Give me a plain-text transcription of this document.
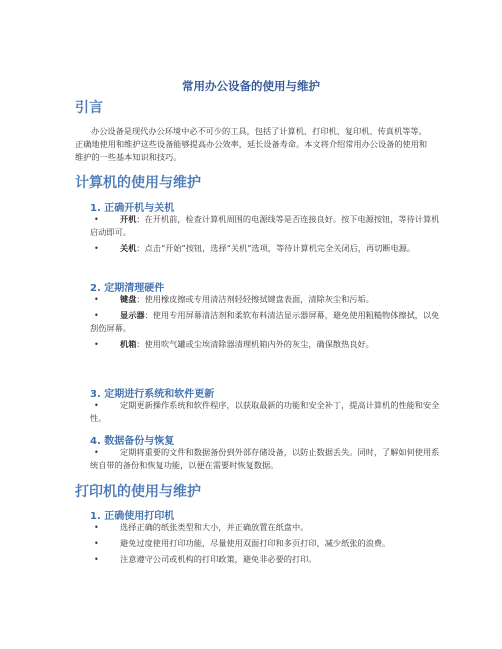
常用办公设备的使用与维护
引言

办公设备是现代办公环境中必不可少的工具，包括了计算机、打印机、复印机、传真机等等。正确地使用和维护这些设备能够提高办公效率，延长设备寿命。本文将介绍常用办公设备的使用和维护的一些基本知识和技巧。

计算机的使用与维护
1. 正确开机与关机
•	开机：在开机前，检查计算机周围的电源线等是否连接良好。按下电源按钮，等待计算机启动即可。
•	关机：点击“开始”按钮，选择“关机”选项，等待计算机完全关闭后，再切断电源。
2. 定期清理硬件
•	键盘：使用橡皮擦或专用清洁剂轻轻擦拭键盘表面，清除灰尘和污垢。
•	显示器：使用专用屏幕清洁剂和柔软布料清洁显示器屏幕，避免使用粗糙物体擦拭，以免刮伤屏幕。
•	机箱：使用吹气罐或尘埃清除器清理机箱内外的灰尘，确保散热良好。
3. 定期进行系统和软件更新
•	定期更新操作系统和软件程序，以获取最新的功能和安全补丁，提高计算机的性能和安全性。
4. 数据备份与恢复
•	定期将重要的文件和数据备份到外部存储设备，以防止数据丢失。同时，了解如何使用系统自带的备份和恢复功能，以便在需要时恢复数据。
打印机的使用与维护
1. 正确使用打印机
•	选择正确的纸张类型和大小，并正确放置在纸盘中。
•	避免过度使用打印功能，尽量使用双面打印和多页打印，减少纸张的浪费。
•	注意遵守公司或机构的打印政策，避免非必要的打印。
